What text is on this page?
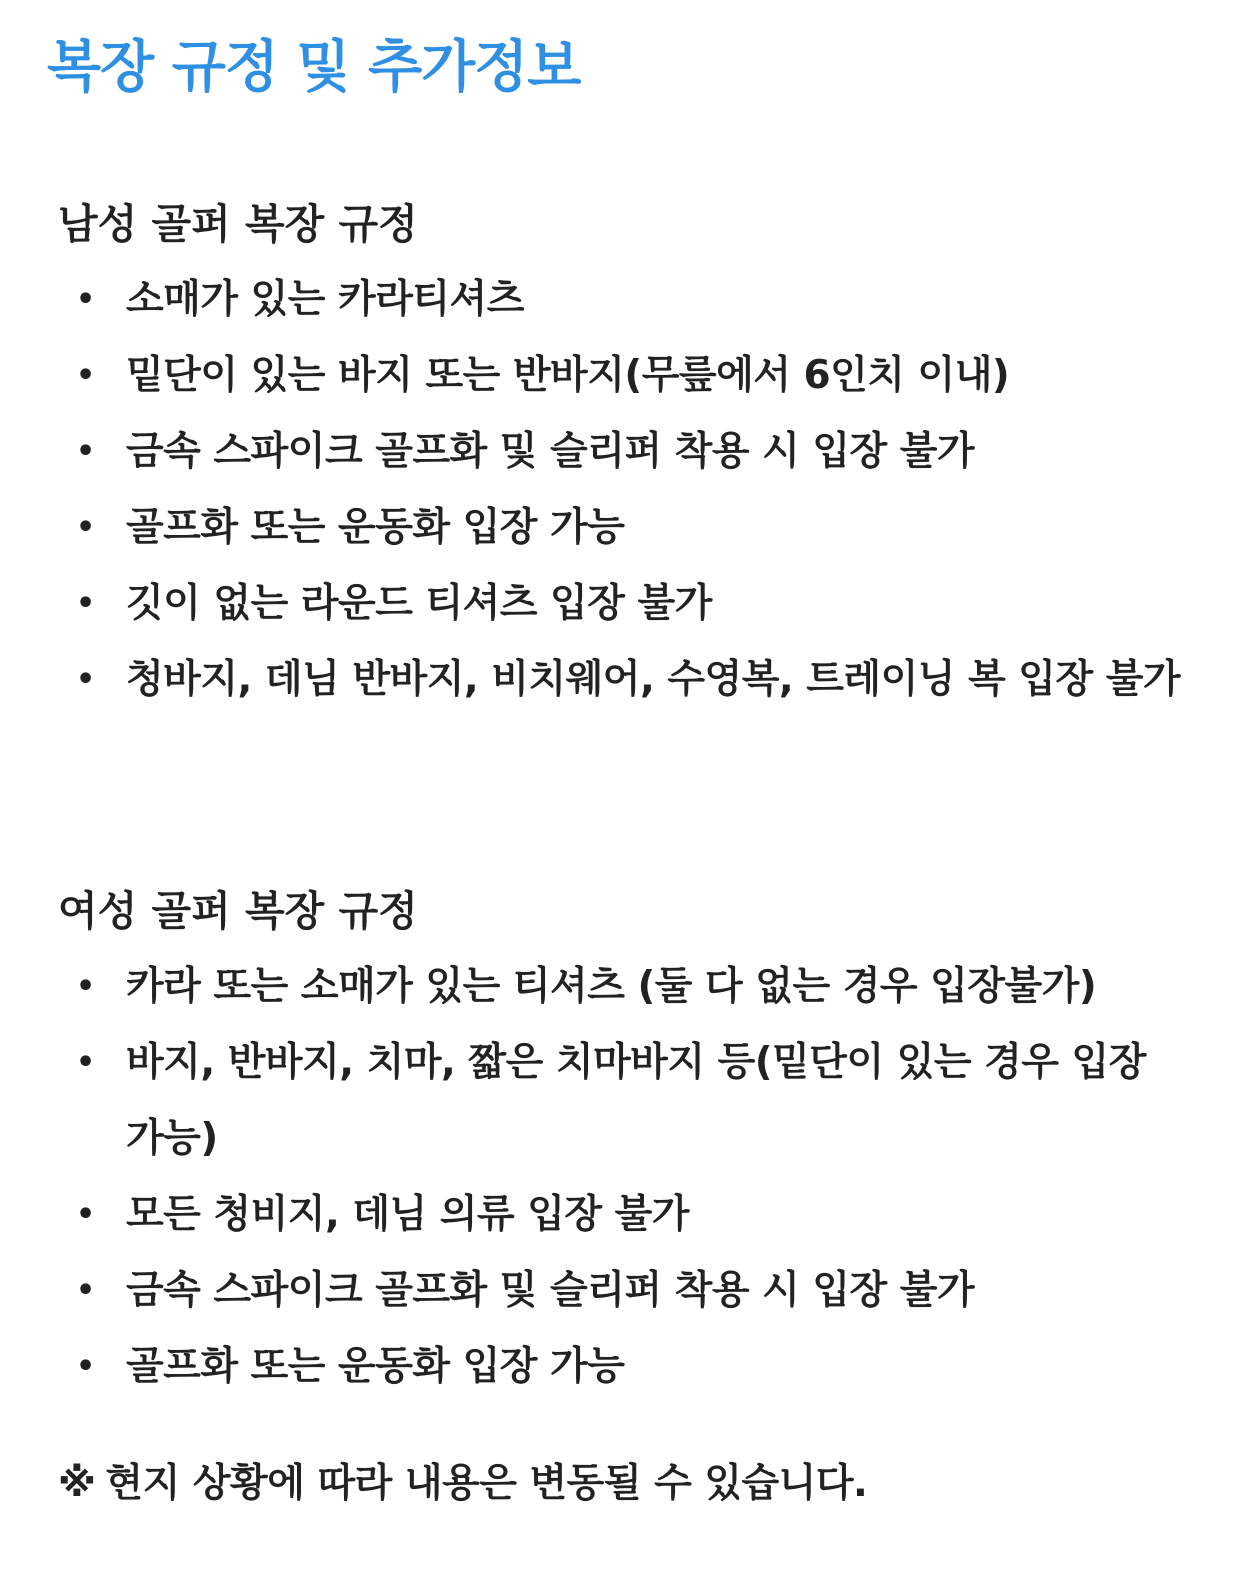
복장 규정 및 추가정보
남성 골퍼 복장 규정
• 소매가 있는 카라티셔츠
• 밑단이 있는 바지 또는 반바지(무릎에서 6인치 이내)
• 금속 스파이크 골프화 및 슬리퍼 착용 시 입장 불가
• 골프화 또는 운동화 입장 가능
• 깃이 없는 라운드 티셔츠 입장 불가
• 청바지, 데님 반바지, 비치웨어, 수영복, 트레이닝 복 입장 불가
여성 골퍼 복장 규정
• 카라 또는 소매가 있는 티셔츠 (둘 다 없는 경우 입장불가)
• 바지, 반바지, 치마, 짧은 치마바지 등(밑단이 있는 경우 입장 가능)
• 모든 청비지, 데님 의류 입장 불가
• 금속 스파이크 골프화 및 슬리퍼 착용 시 입장 불가
• 골프화 또는 운동화 입장 가능

※ 현지 상황에 따라 내용은 변동될 수 있습니다.
